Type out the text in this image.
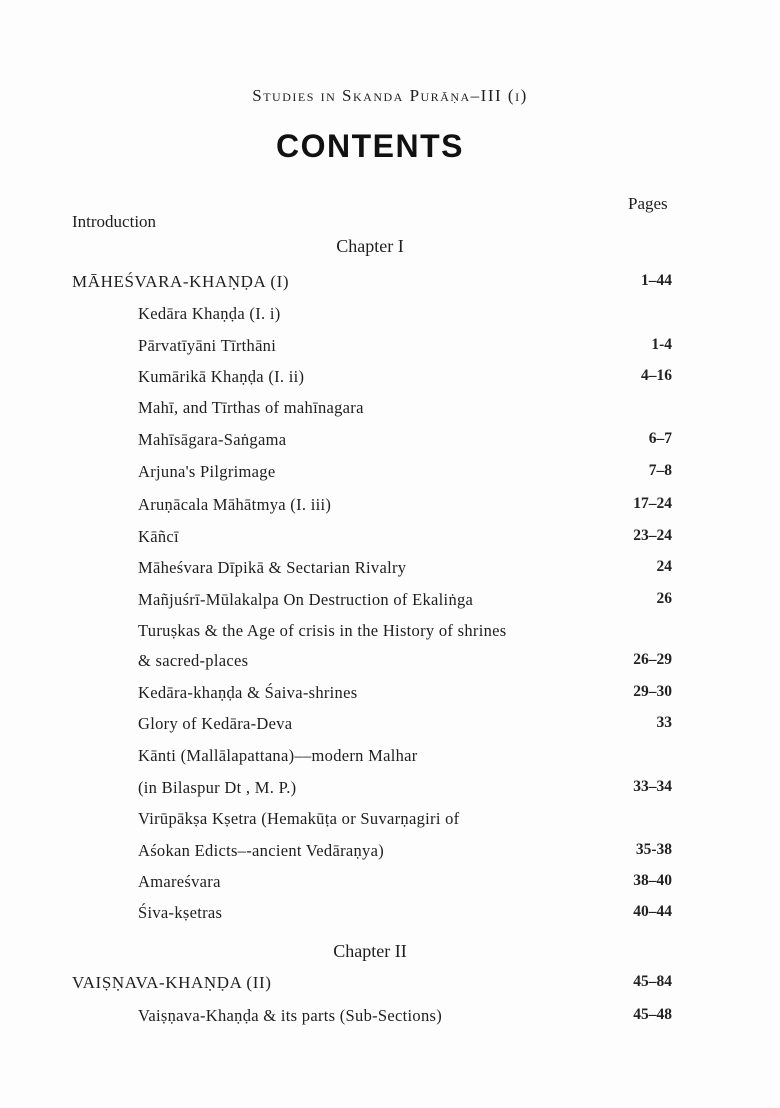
Studies in Skanda Purāṇa–III (i)
CONTENTS
Pages
Introduction
Chapter I
MĀHEŚVARA-KHAṆḌA (I)	1–44
Kedāra Khaṇḍa (I. i)
Pārvatīyāni Tīrthāni	1-4
Kumārikā Khaṇḍa (I. ii)	4–16
Mahī, and Tīrthas of mahīnagara
Mahīsāgara-Saṅgama	6–7
Arjuna's Pilgrimage	7–8
Aruṇācala Māhātmya (I. iii)	17–24
Kāñcī	23–24
Māheśvara Dīpikā & Sectarian Rivalry	24
Mañjuśrī-Mūlakalpa On Destruction of Ekaliṅga	26
Turuṣkas & the Age of crisis in the History of shrines
& sacred-places	26–29
Kedāra-khaṇḍa & Śaiva-shrines	29–30
Glory of Kedāra-Deva	33
Kānti (Mallālapattana)––modern Malhar
(in Bilaspur Dt , M. P.)	33–34
Virūpākṣa Kṣetra (Hemakūṭa or Suvarṇagiri of
Aśokan Edicts–-ancient Vedāraṇya)	35-38
Amareśvara	38–40
Śiva-kṣetras	40–44
Chapter II
VAIṢṆAVA-KHAṆḌA (II)	45–84
Vaiṣṇava-Khaṇḍa & its parts (Sub-Sections)	45–48
